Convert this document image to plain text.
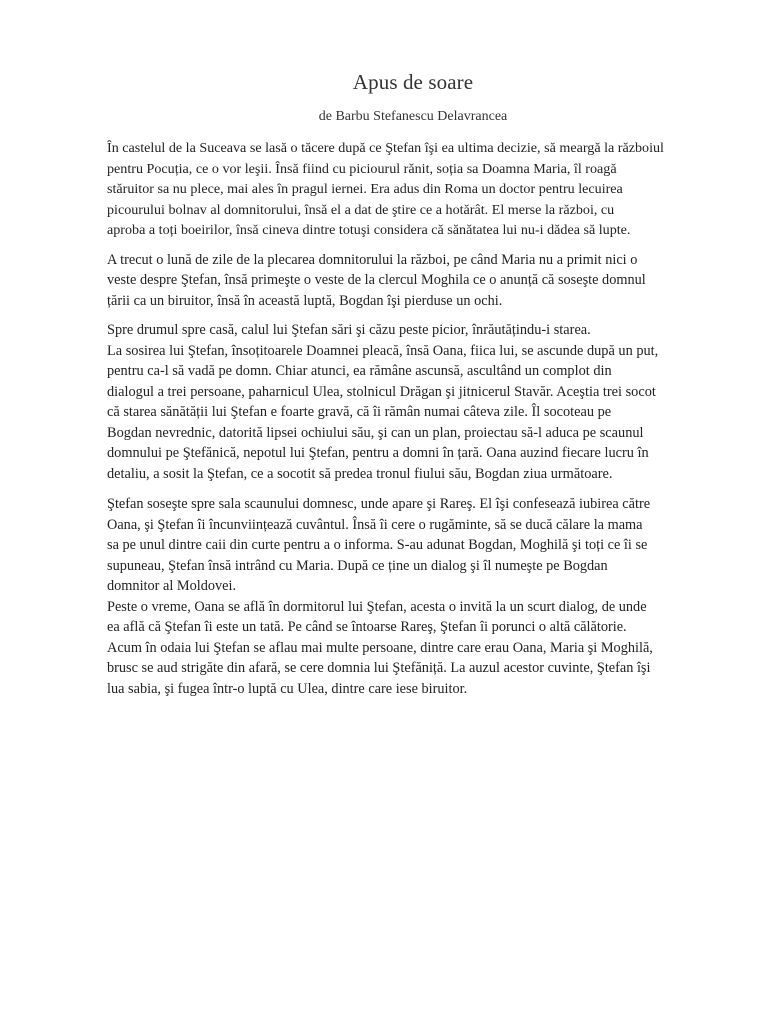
Apus de soare
de Barbu Stefanescu Delavrancea
În castelul de la Suceava se lasă o tăcere după ce Ştefan îşi ea ultima decizie, să meargă la războiul
pentru Pocuția, ce o vor leşii. Însă fiind cu piciourul rănit, soția sa Doamna Maria, îl roagă
stăruitor sa nu plece, mai ales în pragul iernei. Era adus din Roma un doctor pentru lecuirea
picourului bolnav al domnitorului, însă el a dat de ştire ce a hotărât. El merse la război, cu
aproba a toți boeirilor, însă cineva dintre totuşi considera că sănătatea lui nu-i dădea să lupte.
A trecut o lună de zile de la plecarea domnitorului la război, pe când Maria nu a primit nici o
veste despre Ştefan, însă primeşte o veste de la clercul Moghila ce o anunță că soseşte domnul
țării ca un biruitor, însă în această luptă, Bogdan îşi pierduse un ochi.
Spre drumul spre casă, calul lui Ştefan sări şi căzu peste picior, înrăutățindu-i starea.
La sosirea lui Ştefan, însoțitoarele Doamnei pleacă, însă Oana, fiica lui, se ascunde după un put,
pentru ca-l să vadă pe domn. Chiar atunci, ea rămâne ascunsă, ascultând un complot din
dialogul a trei persoane, paharnicul Ulea, stolnicul Drăgan şi jitnicerul Stavăr. Aceştia trei socot
că starea sănătății lui Ştefan e foarte gravă, că îi rămân numai câteva zile. Îl socoteau pe
Bogdan nevrednic, datorită lipsei ochiului său, şi can un plan, proiectau să-l aduca pe scaunul
domnului pe Ştefănică, nepotul lui Ştefan, pentru a domni în țară. Oana auzind fiecare lucru în
detaliu, a sosit la Ştefan, ce a socotit să predea tronul fiului său, Bogdan ziua următoare.
Ştefan soseşte spre sala scaunului domnesc, unde apare şi Rareş. El îşi confesează iubirea către
Oana, şi Ştefan îi încunviințează cuvântul. Însă îi cere o rugăminte, să se ducă călare la mama
sa pe unul dintre caii din curte pentru a o informa. S-au adunat Bogdan, Moghilă şi toți ce îi se
supuneau, Ştefan însă intrând cu Maria. După ce ține un dialog şi îl numeşte pe Bogdan
domnitor al Moldovei.
Peste o vreme, Oana se află în dormitorul lui Ştefan, acesta o invită la un scurt dialog, de unde
ea află că Ştefan îi este un tată. Pe când se întoarse Rareş, Ştefan îi porunci o altă călătorie.
Acum în odaia lui Ştefan se aflau mai multe persoane, dintre care erau Oana, Maria şi Moghilă,
brusc se aud strigăte din afară, se cere domnia lui Ştefăniță. La auzul acestor cuvinte, Ştefan îşi
lua sabia, şi fugea într-o luptă cu Ulea, dintre care iese biruitor.
